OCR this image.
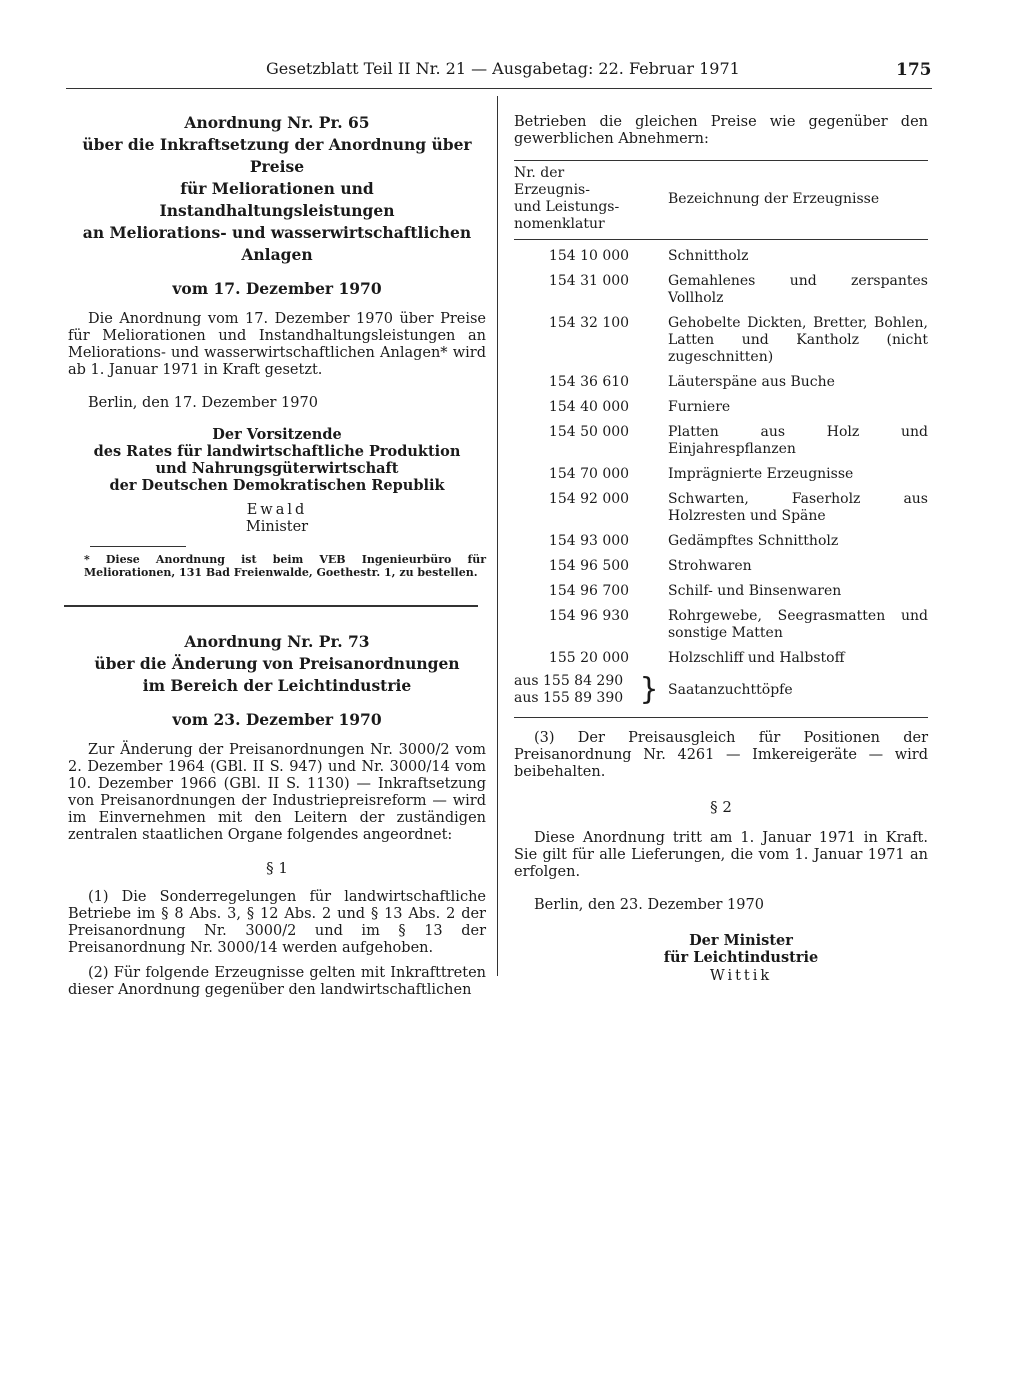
Gesetzblatt Teil II Nr. 21 — Ausgabetag: 22. Februar 1971	175
Anordnung Nr. Pr. 65
über die Inkraftsetzung der Anordnung über Preise
für Meliorationen und Instandhaltungsleistungen
an Meliorations- und wasserwirtschaftlichen
Anlagen
vom 17. Dezember 1970

Die Anordnung vom 17. Dezember 1970 über Preise für Meliorationen und Instandhaltungsleistungen an Meliorations- und wasserwirtschaftlichen Anlagen* wird ab 1. Januar 1971 in Kraft gesetzt.

Berlin, den 17. Dezember 1970

Der Vorsitzende
des Rates für landwirtschaftliche Produktion
und Nahrungsgüterwirtschaft
der Deutschen Demokratischen Republik
Ewald
Minister
* Diese Anordnung ist beim VEB Ingenieurbüro für Meliorationen, 131 Bad Freienwalde, Goethestr. 1, zu bestellen.
Anordnung Nr. Pr. 73
über die Änderung von Preisanordnungen
im Bereich der Leichtindustrie
vom 23. Dezember 1970

Zur Änderung der Preisanordnungen Nr. 3000/2 vom 2. Dezember 1964 (GBl. II S. 947) und Nr. 3000/14 vom 10. Dezember 1966 (GBl. II S. 1130) — Inkraftsetzung von Preisanordnungen der Industriepreisreform — wird im Einvernehmen mit den Leitern der zuständigen zentralen staatlichen Organe folgendes angeordnet:

§ 1

(1) Die Sonderregelungen für landwirtschaftliche Betriebe im § 8 Abs. 3, § 12 Abs. 2 und § 13 Abs. 2 der Preisanordnung Nr. 3000/2 und im § 13 der Preisanordnung Nr. 3000/14 werden aufgehoben.

(2) Für folgende Erzeugnisse gelten mit Inkrafttreten dieser Anordnung gegenüber den landwirtschaftlichen

Betrieben die gleichen Preise wie gegenüber den gewerblichen Abnehmern:

Nr. der
Erzeugnis-
und Leistungs-
nomenklatur	Bezeichnung der Erzeugnisse

154 10 000	Schnittholz
154 31 000	Gemahlenes und zerspantes Vollholz
154 32 100	Gehobelte Dickten, Bretter, Bohlen, Latten und Kantholz (nicht zugeschnitten)
154 36 610	Läuterspäne aus Buche
154 40 000	Furniere
154 50 000	Platten aus Holz und Einjahrespflanzen
154 70 000	Imprägnierte Erzeugnisse
154 92 000	Schwarten, Faserholz aus Holzresten und Späne
154 93 000	Gedämpftes Schnittholz
154 96 500	Strohwaren
154 96 700	Schilf- und Binsenwaren
154 96 930	Rohrgewebe, Seegrasmatten und sonstige Matten
155 20 000	Holzschliff und Halbstoff
aus 155 84 290
aus 155 89 390 } Saatanzuchttöpfe

(3) Der Preisausgleich für Positionen der Preisanordnung Nr. 4261 — Imkereigeräte — wird beibehalten.

§ 2

Diese Anordnung tritt am 1. Januar 1971 in Kraft. Sie gilt für alle Lieferungen, die vom 1. Januar 1971 an erfolgen.

Berlin, den 23. Dezember 1970

Der Minister
für Leichtindustrie
Wittik
